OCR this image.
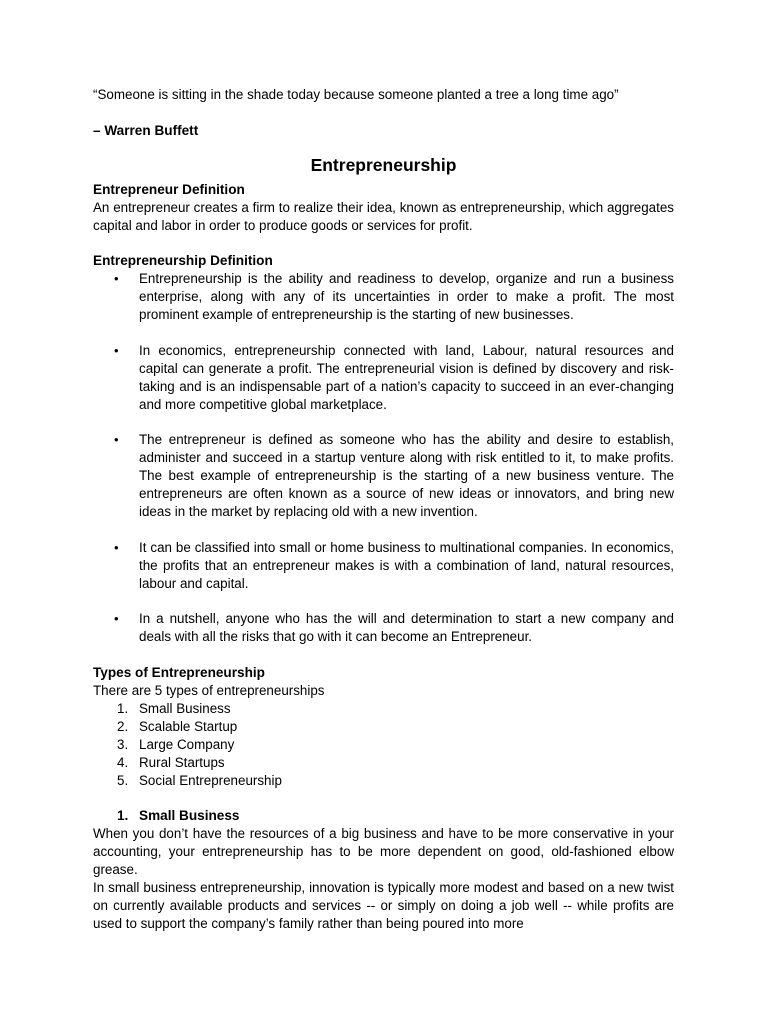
“Someone is sitting in the shade today because someone planted a tree a long time ago”

– Warren Buffett

Entrepreneurship
Entrepreneur Definition

An entrepreneur creates a firm to realize their idea, known as entrepreneurship, which aggregates capital and labor in order to produce goods or services for profit.

Entrepreneurship Definition
• Entrepreneurship is the ability and readiness to develop, organize and run a business enterprise, along with any of its uncertainties in order to make a profit. The most prominent example of entrepreneurship is the starting of new businesses.
• In economics, entrepreneurship connected with land, Labour, natural resources and capital can generate a profit. The entrepreneurial vision is defined by discovery and risk-taking and is an indispensable part of a nation’s capacity to succeed in an ever-changing and more competitive global marketplace.
• The entrepreneur is defined as someone who has the ability and desire to establish, administer and succeed in a startup venture along with risk entitled to it, to make profits. The best example of entrepreneurship is the starting of a new business venture. The entrepreneurs are often known as a source of new ideas or innovators, and bring new ideas in the market by replacing old with a new invention.
• It can be classified into small or home business to multinational companies. In economics, the profits that an entrepreneur makes is with a combination of land, natural resources, labour and capital.
• In a nutshell, anyone who has the will and determination to start a new company and deals with all the risks that go with it can become an Entrepreneur.
Types of Entrepreneurship

There are 5 types of entrepreneurships

1. Small Business
2. Scalable Startup
3. Large Company
4. Rural Startups
5. Social Entrepreneurship
1. Small Business

When you don’t have the resources of a big business and have to be more conservative in your accounting, your entrepreneurship has to be more dependent on good, old-fashioned elbow grease.

In small business entrepreneurship, innovation is typically more modest and based on a new twist on currently available products and services -- or simply on doing a job well -- while profits are used to support the company’s family rather than being poured into more
